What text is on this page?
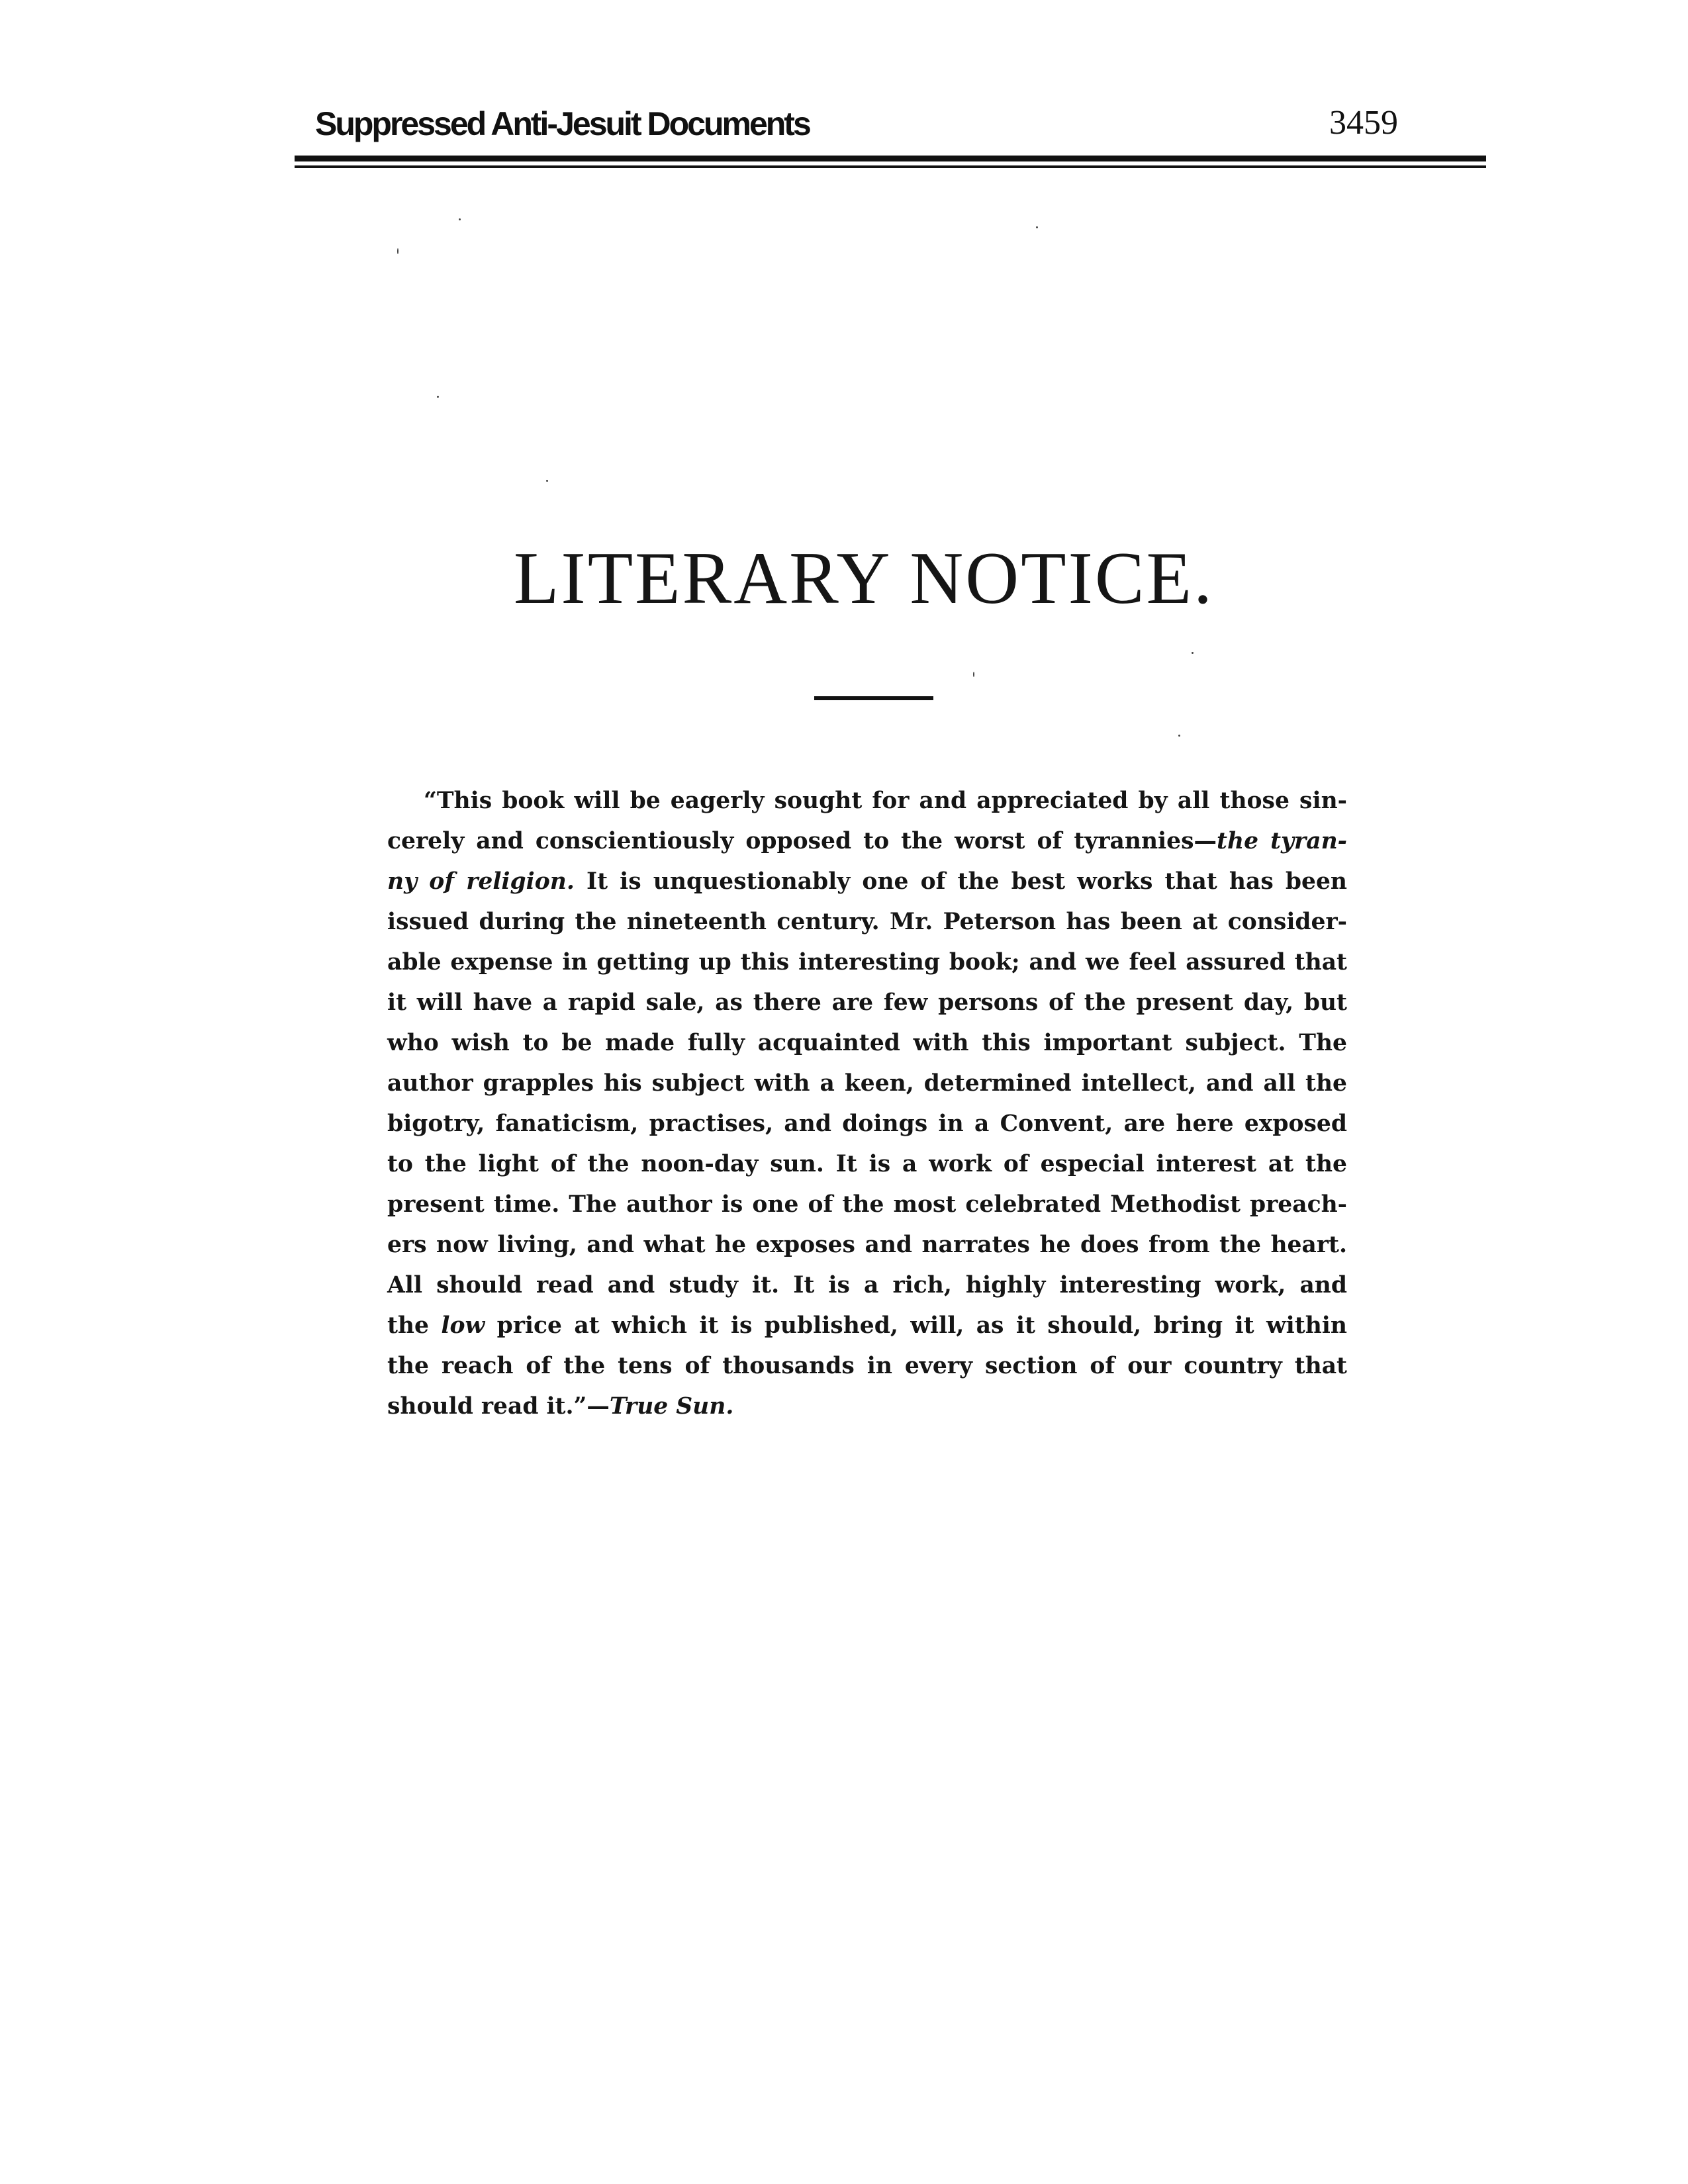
Suppressed Anti-Jesuit Documents	3459
LITERARY NOTICE.
“This book will be eagerly sought for and appreciated by all those sin-
cerely and conscientiously opposed to the worst of tyrannies—the tyran-
ny of religion. It is unquestionably one of the best works that has been
issued during the nineteenth century. Mr. Peterson has been at consider-
able expense in getting up this interesting book; and we feel assured that
it will have a rapid sale, as there are few persons of the present day, but
who wish to be made fully acquainted with this important subject. The
author grapples his subject with a keen, determined intellect, and all the
bigotry, fanaticism, practises, and doings in a Convent, are here exposed
to the light of the noon-day sun. It is a work of especial interest at the
present time. The author is one of the most celebrated Methodist preach-
ers now living, and what he exposes and narrates he does from the heart.
All should read and study it. It is a rich, highly interesting work, and
the low price at which it is published, will, as it should, bring it within
the reach of the tens of thousands in every section of our country that
should read it.”—True Sun.
